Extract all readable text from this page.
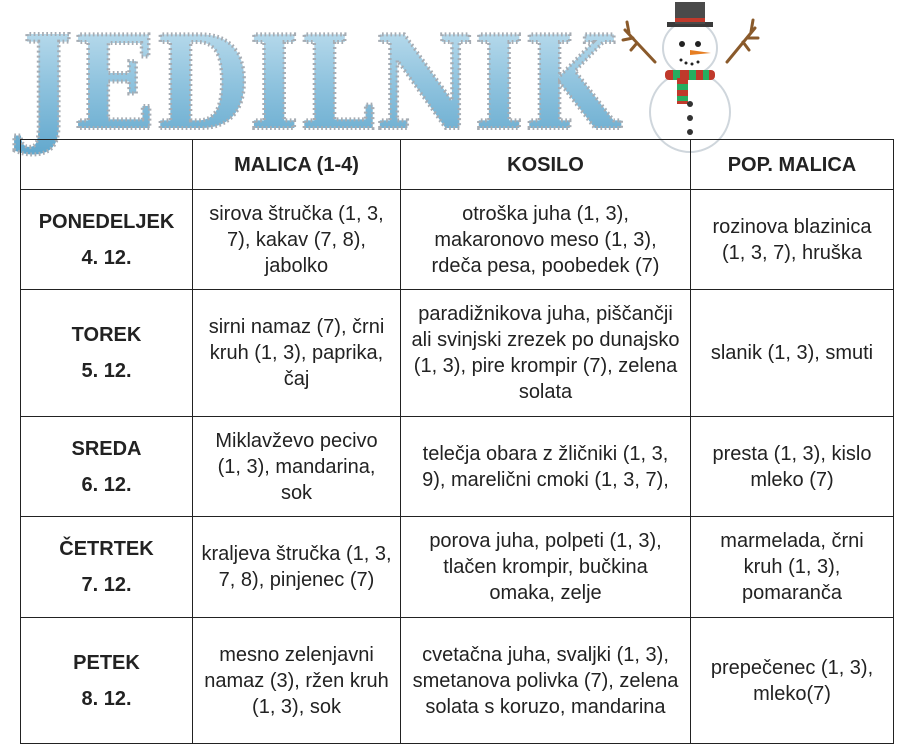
JEDILNIK
	MALICA (1-4)	KOSILO	POP. MALICA

PONEDELJEK
4. 12.	sirova štručka (1, 3, 7), kakav (7, 8), jabolko	otroška juha (1, 3), makaronovo meso (1, 3), rdeča pesa, poobedek (7)	rozinova blazinica (1, 3, 7), hruška

TOREK
5. 12.	sirni namaz (7), črni kruh (1, 3), paprika, čaj	paradižnikova juha, piščančji ali svinjski zrezek po dunajsko (1, 3), pire krompir (7), zelena solata	slanik (1, 3), smuti

SREDA
6. 12.	Miklavževo pecivo (1, 3), mandarina, sok	telečja obara z žličniki (1, 3, 9), marelični cmoki (1, 3, 7),	presta (1, 3), kislo mleko (7)

ČETRTEK
7. 12.	kraljeva štručka (1, 3, 7, 8), pinjenec (7)	porova juha, polpeti (1, 3), tlačen krompir, bučkina omaka, zelje	marmelada, črni kruh (1, 3), pomaranča

PETEK
8. 12.	mesno zelenjavni namaz (3), ržen kruh (1, 3), sok	cvetačna juha, svaljki (1, 3), smetanova polivka (7), zelena solata s koruzo, mandarina	prepečenec (1, 3), mleko(7)
